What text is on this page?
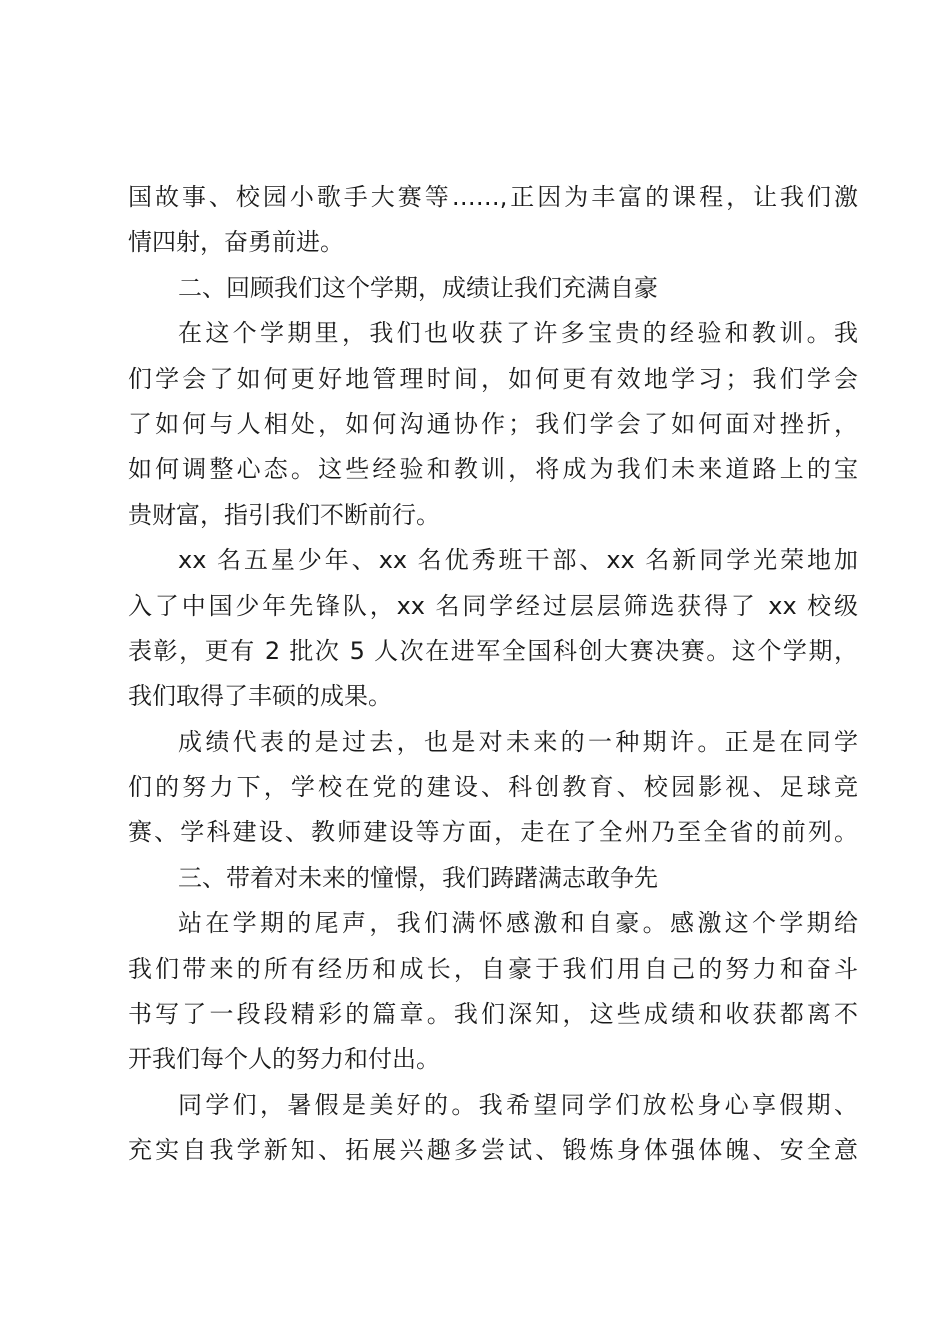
国故事、校园小歌手大赛等……,正因为丰富的课程，让我们激
情四射，奋勇前进。
二、回顾我们这个学期，成绩让我们充满自豪
在这个学期里，我们也收获了许多宝贵的经验和教训。我
们学会了如何更好地管理时间，如何更有效地学习；我们学会
了如何与人相处，如何沟通协作；我们学会了如何面对挫折，
如何调整心态。这些经验和教训，将成为我们未来道路上的宝
贵财富，指引我们不断前行。
xx 名五星少年、xx 名优秀班干部、xx 名新同学光荣地加
入了中国少年先锋队，xx 名同学经过层层筛选获得了 xx 校级
表彰，更有 2 批次 5 人次在进军全国科创大赛决赛。这个学期，
我们取得了丰硕的成果。
成绩代表的是过去，也是对未来的一种期许。正是在同学
们的努力下，学校在党的建设、科创教育、校园影视、足球竞
赛、学科建设、教师建设等方面，走在了全州乃至全省的前列。
三、带着对未来的憧憬，我们踌躇满志敢争先
站在学期的尾声，我们满怀感激和自豪。感激这个学期给
我们带来的所有经历和成长，自豪于我们用自己的努力和奋斗
书写了一段段精彩的篇章。我们深知，这些成绩和收获都离不
开我们每个人的努力和付出。
同学们，暑假是美好的。我希望同学们放松身心享假期、
充实自我学新知、拓展兴趣多尝试、锻炼身体强体魄、安全意
